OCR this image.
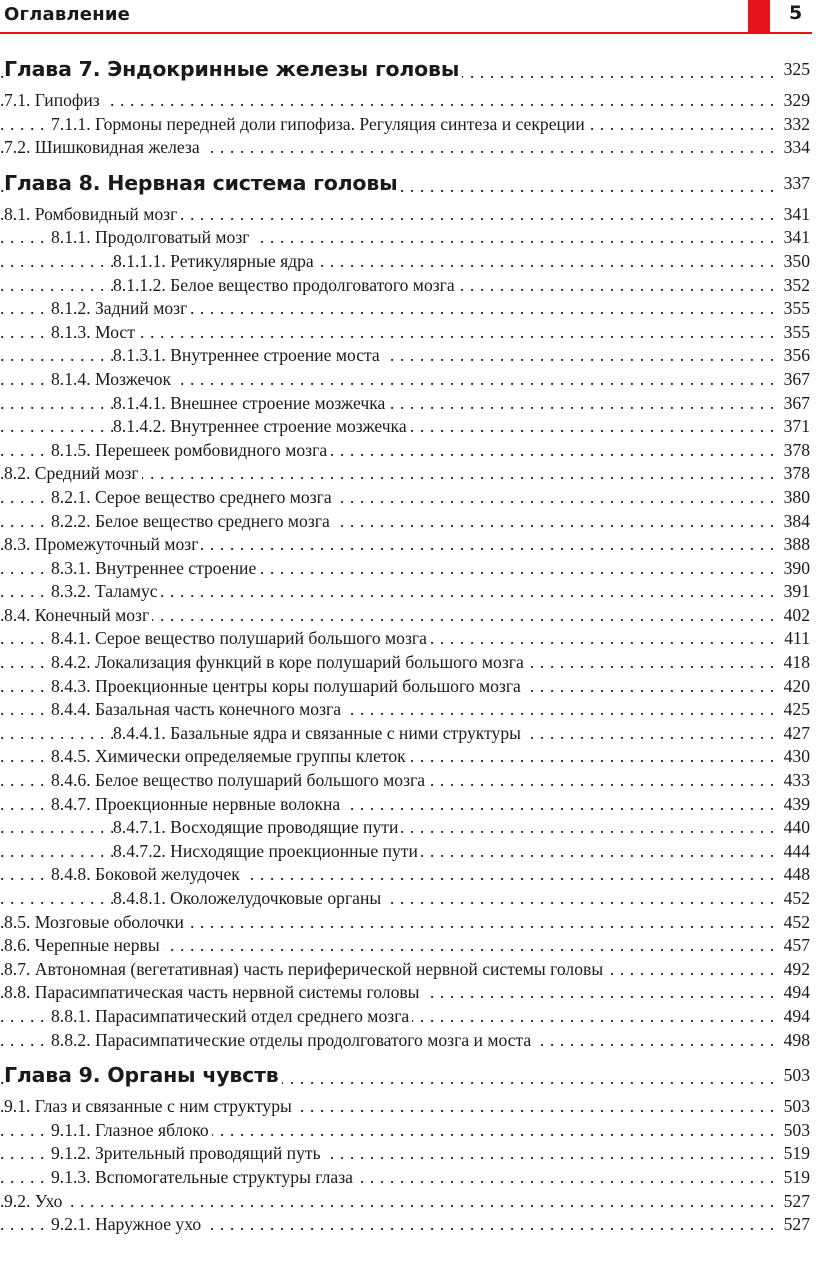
Оглавление	5
Глава 7. Эндокринные железы головы	325
. . .
7.1. Гипофиз	329
. . .
7.1.1. Гормоны передней доли гипофиза. Регуляция синтеза и секреции	332
. . .
7.2. Шишковидная железа	334
. . .
Глава 8. Нервная система головы	337
. . .
8.1. Ромбовидный мозг	341
. . .
8.1.1. Продолговатый мозг	341
. . .
8.1.1.1. Ретикулярные ядра	350
. . .
8.1.1.2. Белое вещество продолговатого мозга	352
. . .
8.1.2. Задний мозг	355
. . .
8.1.3. Мост	355
. . .
8.1.3.1. Внутреннее строение моста	356
. . .
8.1.4. Мозжечок	367
. . .
8.1.4.1. Внешнее строение мозжечка	367
. . .
8.1.4.2. Внутреннее строение мозжечка	371
. . .
8.1.5. Перешеек ромбовидного мозга	378
. . .
8.2. Средний мозг	378
. . .
8.2.1. Серое вещество среднего мозга	380
. . .
8.2.2. Белое вещество среднего мозга	384
. . .
8.3. Промежуточный мозг	388
. . .
8.3.1. Внутреннее строение	390
. . .
8.3.2. Таламус	391
. . .
8.4. Конечный мозг	402
. . .
8.4.1. Серое вещество полушарий большого мозга	411
. . .
8.4.2. Локализация функций в коре полушарий большого мозга	418
. . .
8.4.3. Проекционные центры коры полушарий большого мозга	420
. . .
8.4.4. Базальная часть конечного мозга	425
. . .
8.4.4.1. Базальные ядра и связанные с ними структуры	427
. . .
8.4.5. Химически определяемые группы клеток	430
. . .
8.4.6. Белое вещество полушарий большого мозга	433
. . .
8.4.7. Проекционные нервные волокна	439
. . .
8.4.7.1. Восходящие проводящие пути	440
. . .
8.4.7.2. Нисходящие проекционные пути	444
. . .
8.4.8. Боковой желудочек	448
. . .
8.4.8.1. Околожелудочковые органы	452
. . .
8.5. Мозговые оболочки	452
. . .
8.6. Черепные нервы	457
. . .
8.7. Автономная (вегетативная) часть периферической нервной системы головы	492
. . .
8.8. Парасимпатическая часть нервной системы головы	494
. . .
8.8.1. Парасимпатический отдел среднего мозга	494
. . .
8.8.2. Парасимпатические отделы продолговатого мозга и моста	498
. . .
Глава 9. Органы чувств	503
. . .
9.1. Глаз и связанные с ним структуры	503
. . .
9.1.1. Глазное яблоко	503
. . .
9.1.2. Зрительный проводящий путь	519
. . .
9.1.3. Вспомогательные структуры глаза	519
. . .
9.2. Ухо	527
. . .
9.2.1. Наружное ухо	527
. . .
